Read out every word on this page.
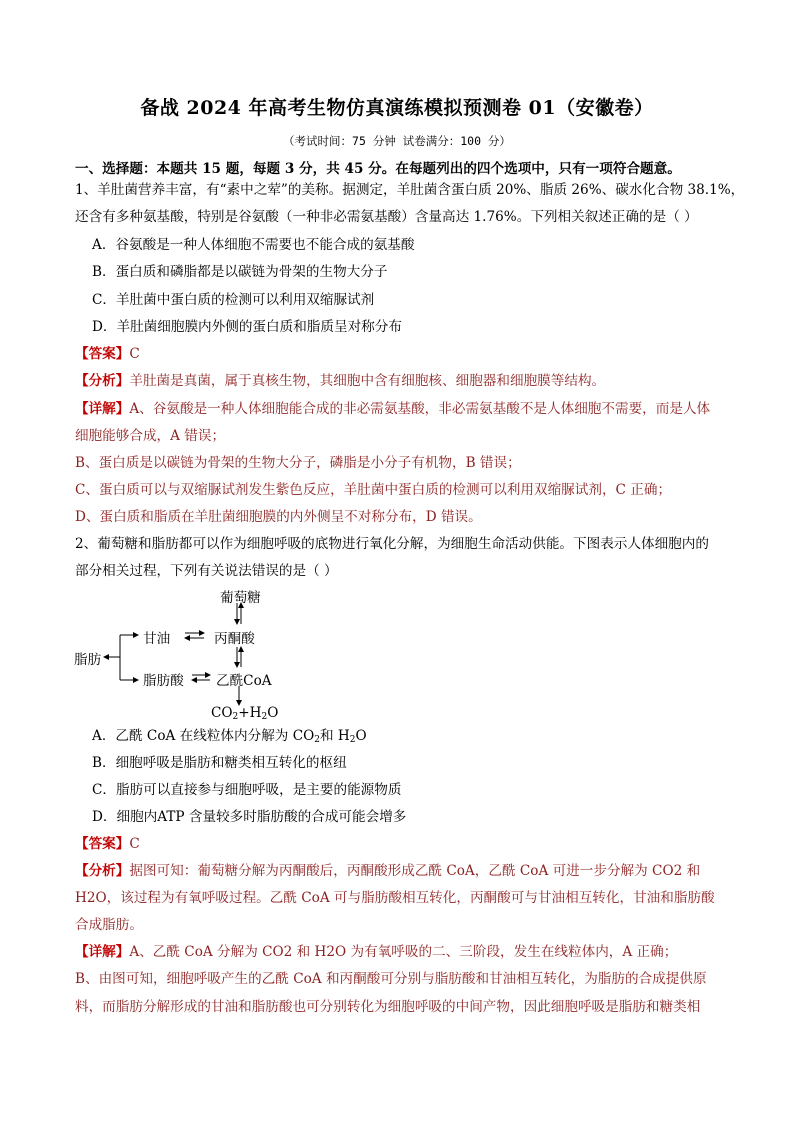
备战 2024 年高考生物仿真演练模拟预测卷 01（安徽卷）
（考试时间：75 分钟 试卷满分：100 分）
一、选择题：本题共 15 题，每题 3 分，共 45 分。在每题列出的四个选项中，只有一项符合题意。
1、羊肚菌营养丰富，有“素中之荤”的美称。据测定，羊肚菌含蛋白质 20%、脂质 26%、碳水化合物 38.1%，
还含有多种氨基酸，特别是谷氨酸（一种非必需氨基酸）含量高达 1.76%。下列相关叙述正确的是（ ）
A．谷氨酸是一种人体细胞不需要也不能合成的氨基酸
B．蛋白质和磷脂都是以碳链为骨架的生物大分子
C．羊肚菌中蛋白质的检测可以利用双缩脲试剂
D．羊肚菌细胞膜内外侧的蛋白质和脂质呈对称分布
【答案】C
【分析】羊肚菌是真菌，属于真核生物，其细胞中含有细胞核、细胞器和细胞膜等结构。
【详解】A、谷氨酸是一种人体细胞能合成的非必需氨基酸，非必需氨基酸不是人体细胞不需要，而是人体
细胞能够合成，A 错误；
B、蛋白质是以碳链为骨架的生物大分子，磷脂是小分子有机物，B 错误；
C、蛋白质可以与双缩脲试剂发生紫色反应，羊肚菌中蛋白质的检测可以利用双缩脲试剂，C 正确；
D、蛋白质和脂质在羊肚菌细胞膜的内外侧呈不对称分布，D 错误。
2、葡萄糖和脂肪都可以作为细胞呼吸的底物进行氧化分解，为细胞生命活动供能。下图表示人体细胞内的
部分相关过程，下列有关说法错误的是（ ）
葡萄糖
甘油	丙酮酸
脂肪
脂肪酸 乙酰CoA
$CO_2+H_2O$
A．乙酰 CoA 在线粒体内分解为 $CO_2$和 $H_2O$
B．细胞呼吸是脂肪和糖类相互转化的枢纽
C．脂肪可以直接参与细胞呼吸，是主要的能源物质
D．细胞内ATP 含量较多时脂肪酸的合成可能会增多
【答案】C
【分析】据图可知：葡萄糖分解为丙酮酸后，丙酮酸形成乙酰 CoA，乙酰 CoA 可进一步分解为 CO2 和
H2O，该过程为有氧呼吸过程。乙酰 CoA 可与脂肪酸相互转化，丙酮酸可与甘油相互转化，甘油和脂肪酸
合成脂肪。
【详解】A、乙酰 CoA 分解为 CO2 和 H2O 为有氧呼吸的二、三阶段，发生在线粒体内，A 正确；
B、由图可知，细胞呼吸产生的乙酰 CoA 和丙酮酸可分别与脂肪酸和甘油相互转化，为脂肪的合成提供原
料，而脂肪分解形成的甘油和脂肪酸也可分别转化为细胞呼吸的中间产物，因此细胞呼吸是脂肪和糖类相
